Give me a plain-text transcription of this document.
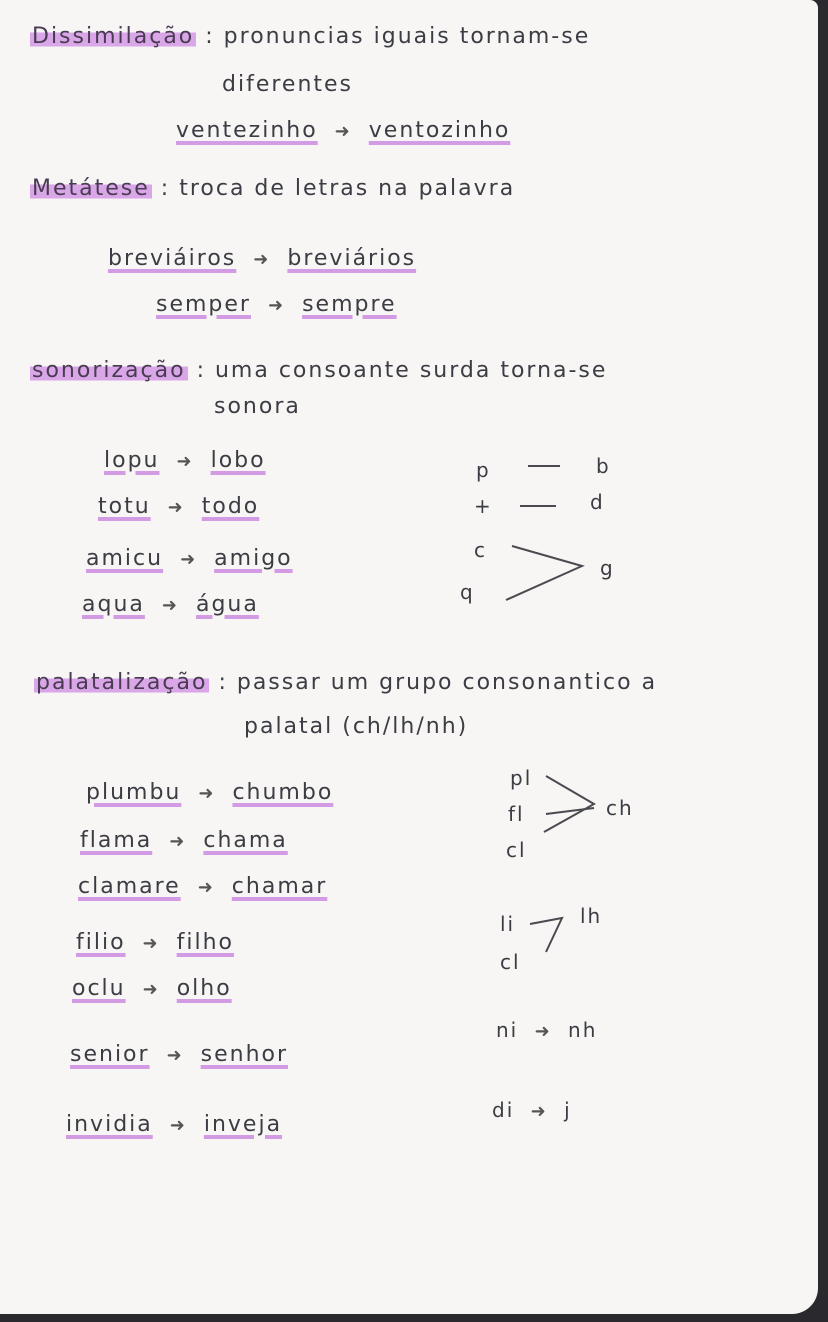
Dissimilação : pronuncias iguais tornam-se
diferentes
ventezinho ➜ ventozinho
Metátese : troca de letras na palavra
breviáiros ➜ breviários
semper ➜ sempre
sonorização : uma consoante surda torna-se
sonora
lopu ➜ lobo
totu ➜ todo
amicu ➜ amigo
aqua ➜ água
p	b
+	d
c
q
g
palatalização : passar um grupo consonantico a
palatal (ch/lh/nh)
plumbu ➜ chumbo
flama ➜ chama
clamare ➜ chamar
filio ➜ filho
oclu ➜ olho
senior ➜ senhor
invidia ➜ inveja
pl
fl
cl
ch
li
cl
lh
ni ➜ nh
di ➜ j
